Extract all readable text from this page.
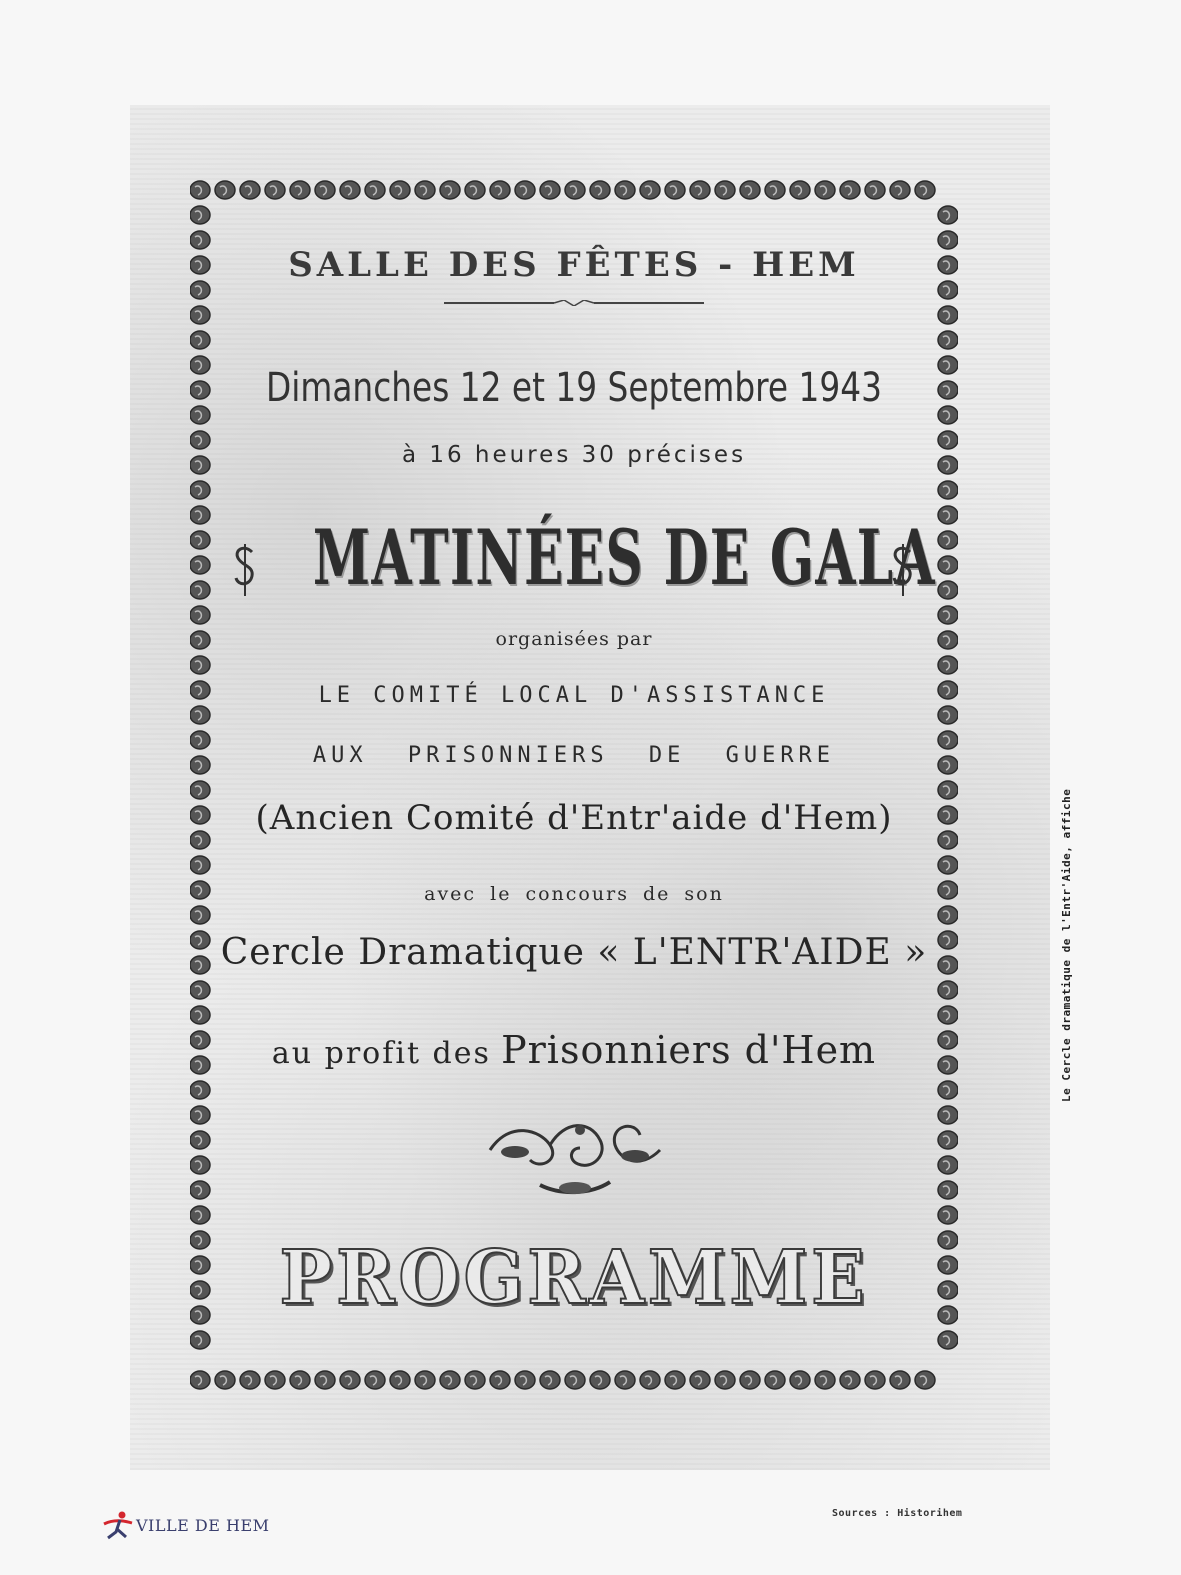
SALLE DES FÊTES - HEM
Dimanches 12 et 19 Septembre 1943
à 16 heures 30 précises
MATINÉES DE GALA
organisées par
LE COMITÉ LOCAL D'ASSISTANCE
AUX PRISONNIERS DE GUERRE
(Ancien Comité d'Entr'aide d'Hem)
avec le concours de son
Cercle Dramatique « L'ENTR'AIDE »
au profit des Prisonniers d'Hem
PROGRAMME
Le Cercle dramatique de l'Entr'Aide, affiche
Sources : Historihem
VILLE DE HEM
